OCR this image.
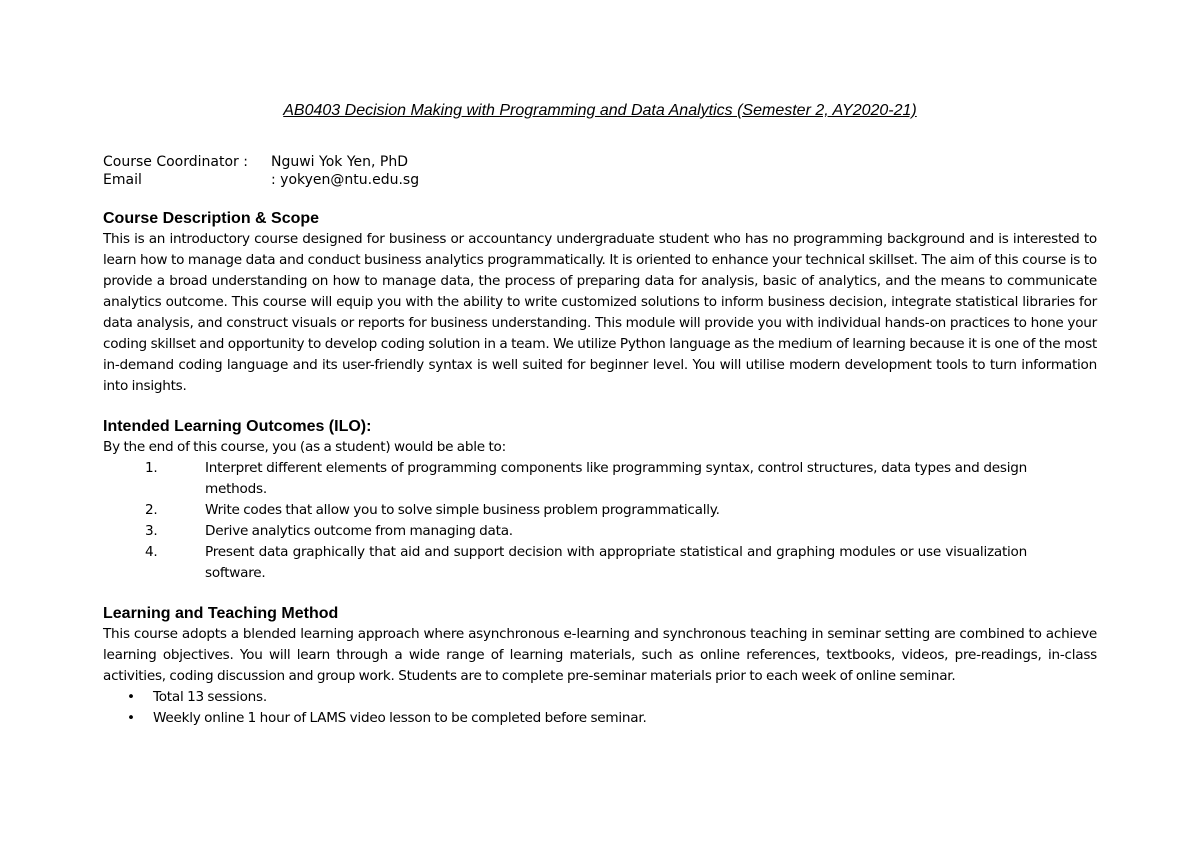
AB0403 Decision Making with Programming and Data Analytics (Semester 2, AY2020-21)
Course Coordinator :	Nguwi Yok Yen, PhD
Email	: yokyen@ntu.edu.sg
Course Description & Scope

This is an introductory course designed for business or accountancy undergraduate student who has no programming background and is interested to learn how to manage data and conduct business analytics programmatically. It is oriented to enhance your technical skillset. The aim of this course is to provide a broad understanding on how to manage data, the process of preparing data for analysis, basic of analytics, and the means to communicate analytics outcome. This course will equip you with the ability to write customized solutions to inform business decision, integrate statistical libraries for data analysis, and construct visuals or reports for business understanding. This module will provide you with individual hands-on practices to hone your coding skillset and opportunity to develop coding solution in a team. We utilize Python language as the medium of learning because it is one of the most in-demand coding language and its user-friendly syntax is well suited for beginner level. You will utilise modern development tools to turn information into insights.

Intended Learning Outcomes (ILO):

By the end of this course, you (as a student) would be able to:

1.	Interpret different elements of programming components like programming syntax, control structures, data types and design methods.
2.	Write codes that allow you to solve simple business problem programmatically.
3.	Derive analytics outcome from managing data.
4.	Present data graphically that aid and support decision with appropriate statistical and graphing modules or use visualization software.
Learning and Teaching Method

This course adopts a blended learning approach where asynchronous e-learning and synchronous teaching in seminar setting are combined to achieve learning objectives. You will learn through a wide range of learning materials, such as online references, textbooks, videos, pre-readings, in-class activities, coding discussion and group work. Students are to complete pre-seminar materials prior to each week of online seminar.

•	Total 13 sessions.
•	Weekly online 1 hour of LAMS video lesson to be completed before seminar.
